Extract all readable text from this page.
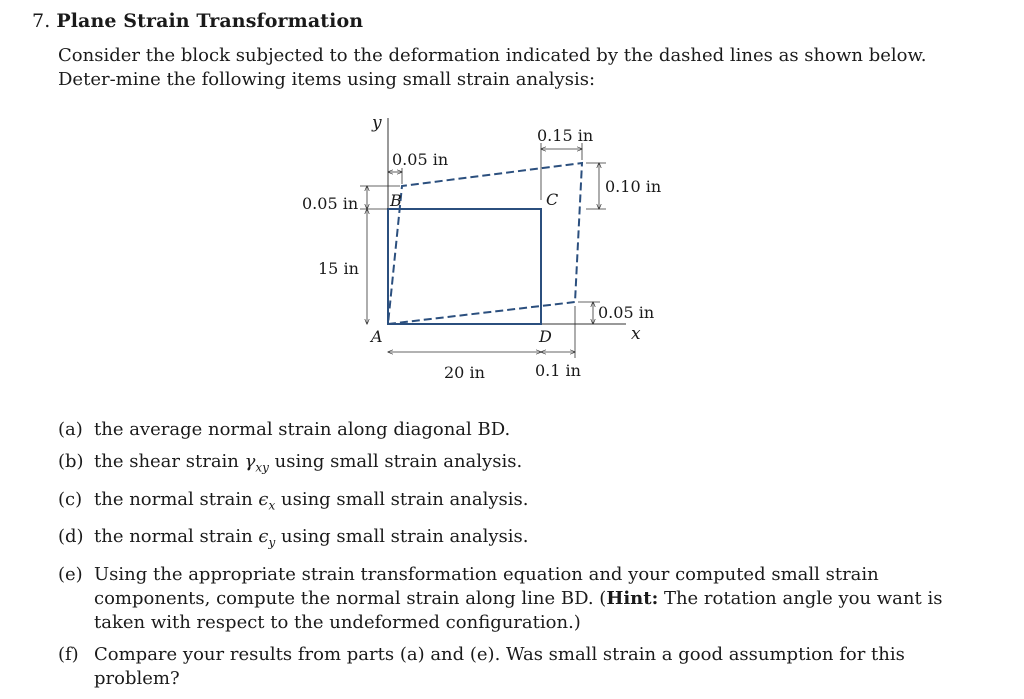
7. Plane Strain Transformation
Consider the block subjected to the deformation indicated by the dashed lines as shown below. Deter-mine the following items using small strain analysis:
0.15 in
0.05 in
0.10 in
0.05 in
15 in
20 in	0.1 in
0.05 in
y
x
A
B	C
D
(a) the average normal strain along diagonal BD.
(b) the shear strain $\gamma_{xy}$ using small strain analysis.
(c) the normal strain $\epsilon_x$ using small strain analysis.
(d) the normal strain $\epsilon_y$ using small strain analysis.
(e) Using the appropriate strain transformation equation and your computed small strain components, compute the normal strain along line BD. (Hint: The rotation angle you want is taken with respect to the undeformed configuration.)
(f) Compare your results from parts (a) and (e). Was small strain a good assumption for this problem?
